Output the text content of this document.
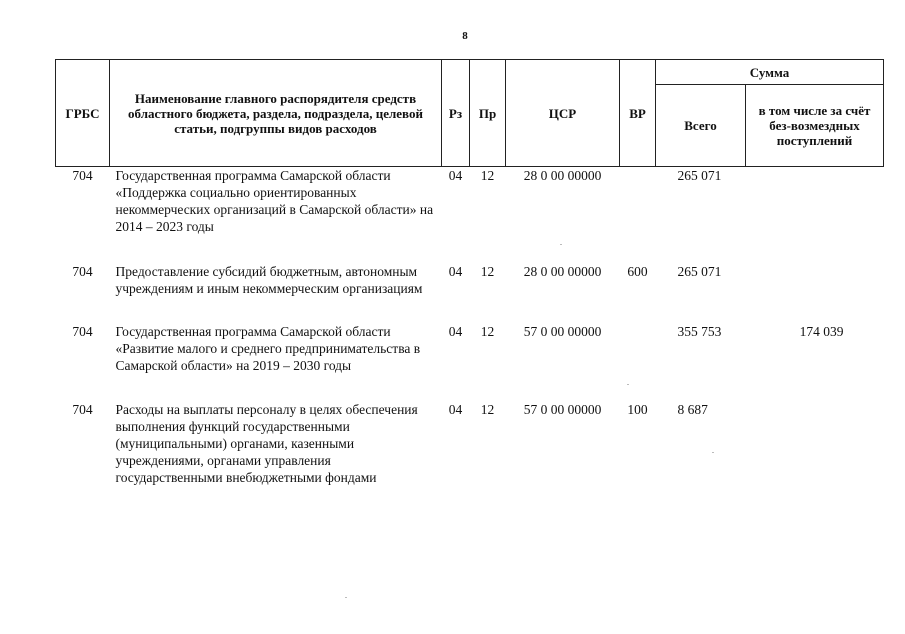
8
ГРБС	Наименование главного распорядителя средств областного бюджета, раздела, подраздела, целевой статьи, подгруппы видов расходов	Рз	Пр	ЦСР	ВР	Сумма	
						Всего	в том числе за счёт без-возмездных поступлений
704	Государственная программа Самарской области «Поддержка социально ориентированных некоммерческих организаций в Самарской области» на 2014 – 2023 годы	04	12	28 0 00 00000		265 071	
704	Предоставление субсидий бюджетным, автономным учреждениям и иным некоммерческим организациям	04	12	28 0 00 00000	600	265 071	
704	Государственная программа Самарской области «Развитие малого и среднего предпринимательства в Самарской области» на 2019 – 2030 годы	04	12	57 0 00 00000		355 753	174 039
704	Расходы на выплаты персоналу в целях обеспечения выполнения функций государственными (муниципальными) органами, казенными учреждениями, органами управления государственными внебюджетными фондами	04	12	57 0 00 00000	100	8 687	
